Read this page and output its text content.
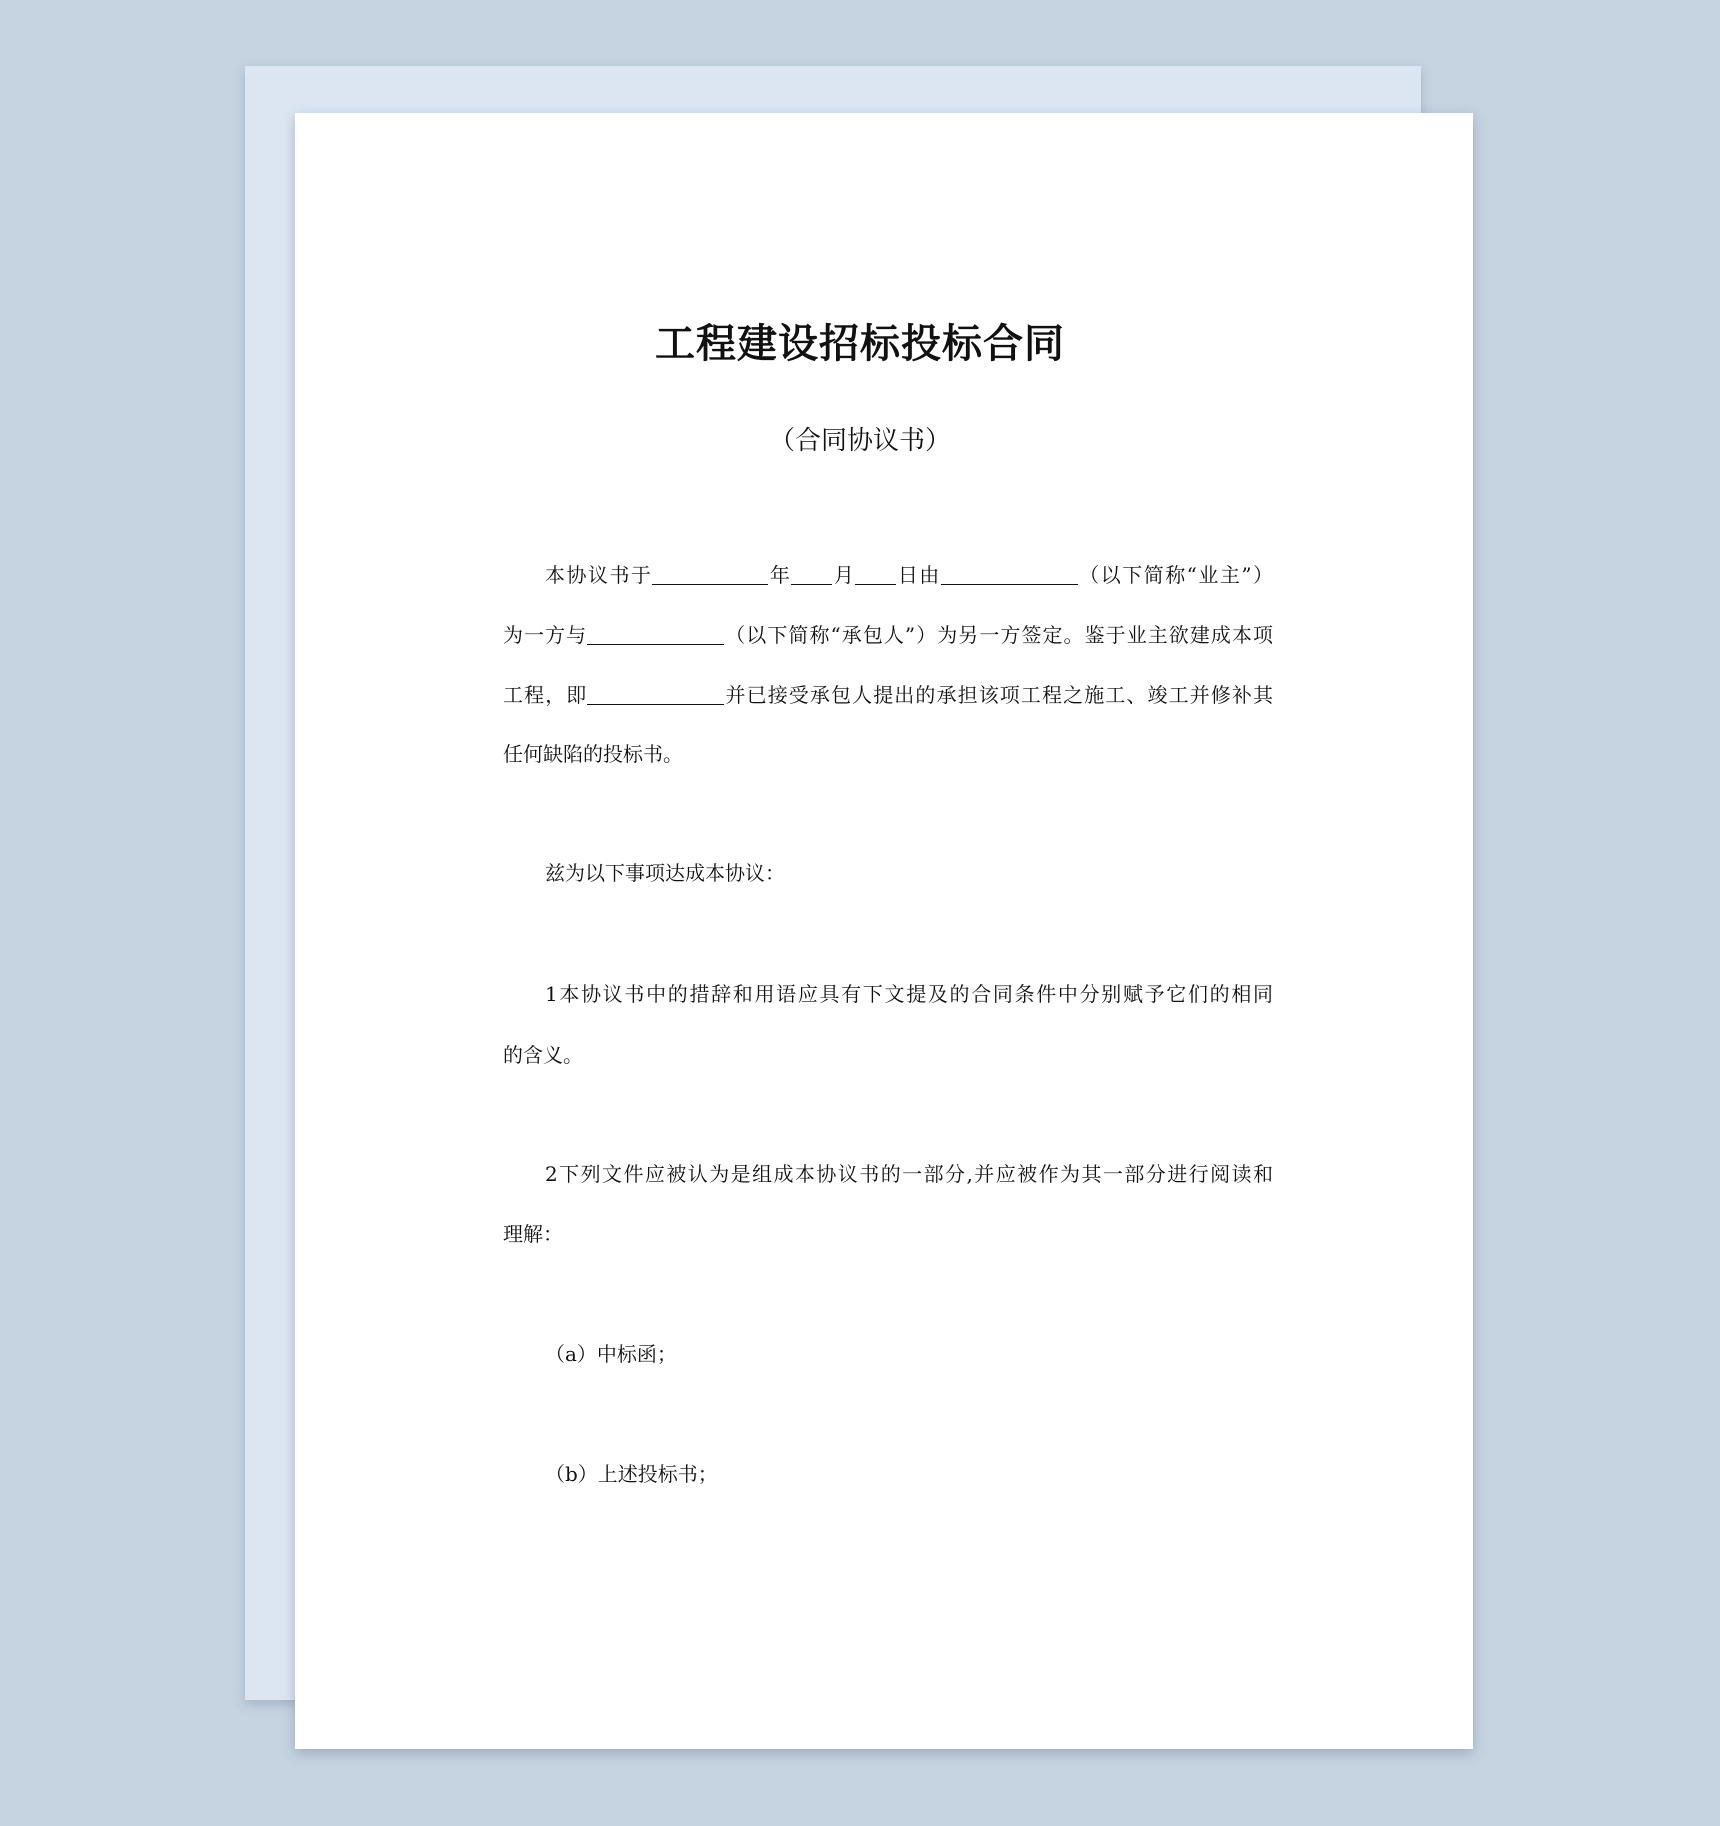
工程建设招标投标合同
（合同协议书）
本协议书于	年 月 日由	（以下简称“业主”）
为一方与	（以下简称“承包人”）为另一方签定。鉴于业主欲建成本项
工程，即	并已接受承包人提出的承担该项工程之施工、竣工并修补其
任何缺陷的投标书。
兹为以下事项达成本协议：
1本协议书中的措辞和用语应具有下文提及的合同条件中分别赋予它们的相同
的含义。
2下列文件应被认为是组成本协议书的一部分,并应被作为其一部分进行阅读和
理解：
（a）中标函；
（b）上述投标书；
